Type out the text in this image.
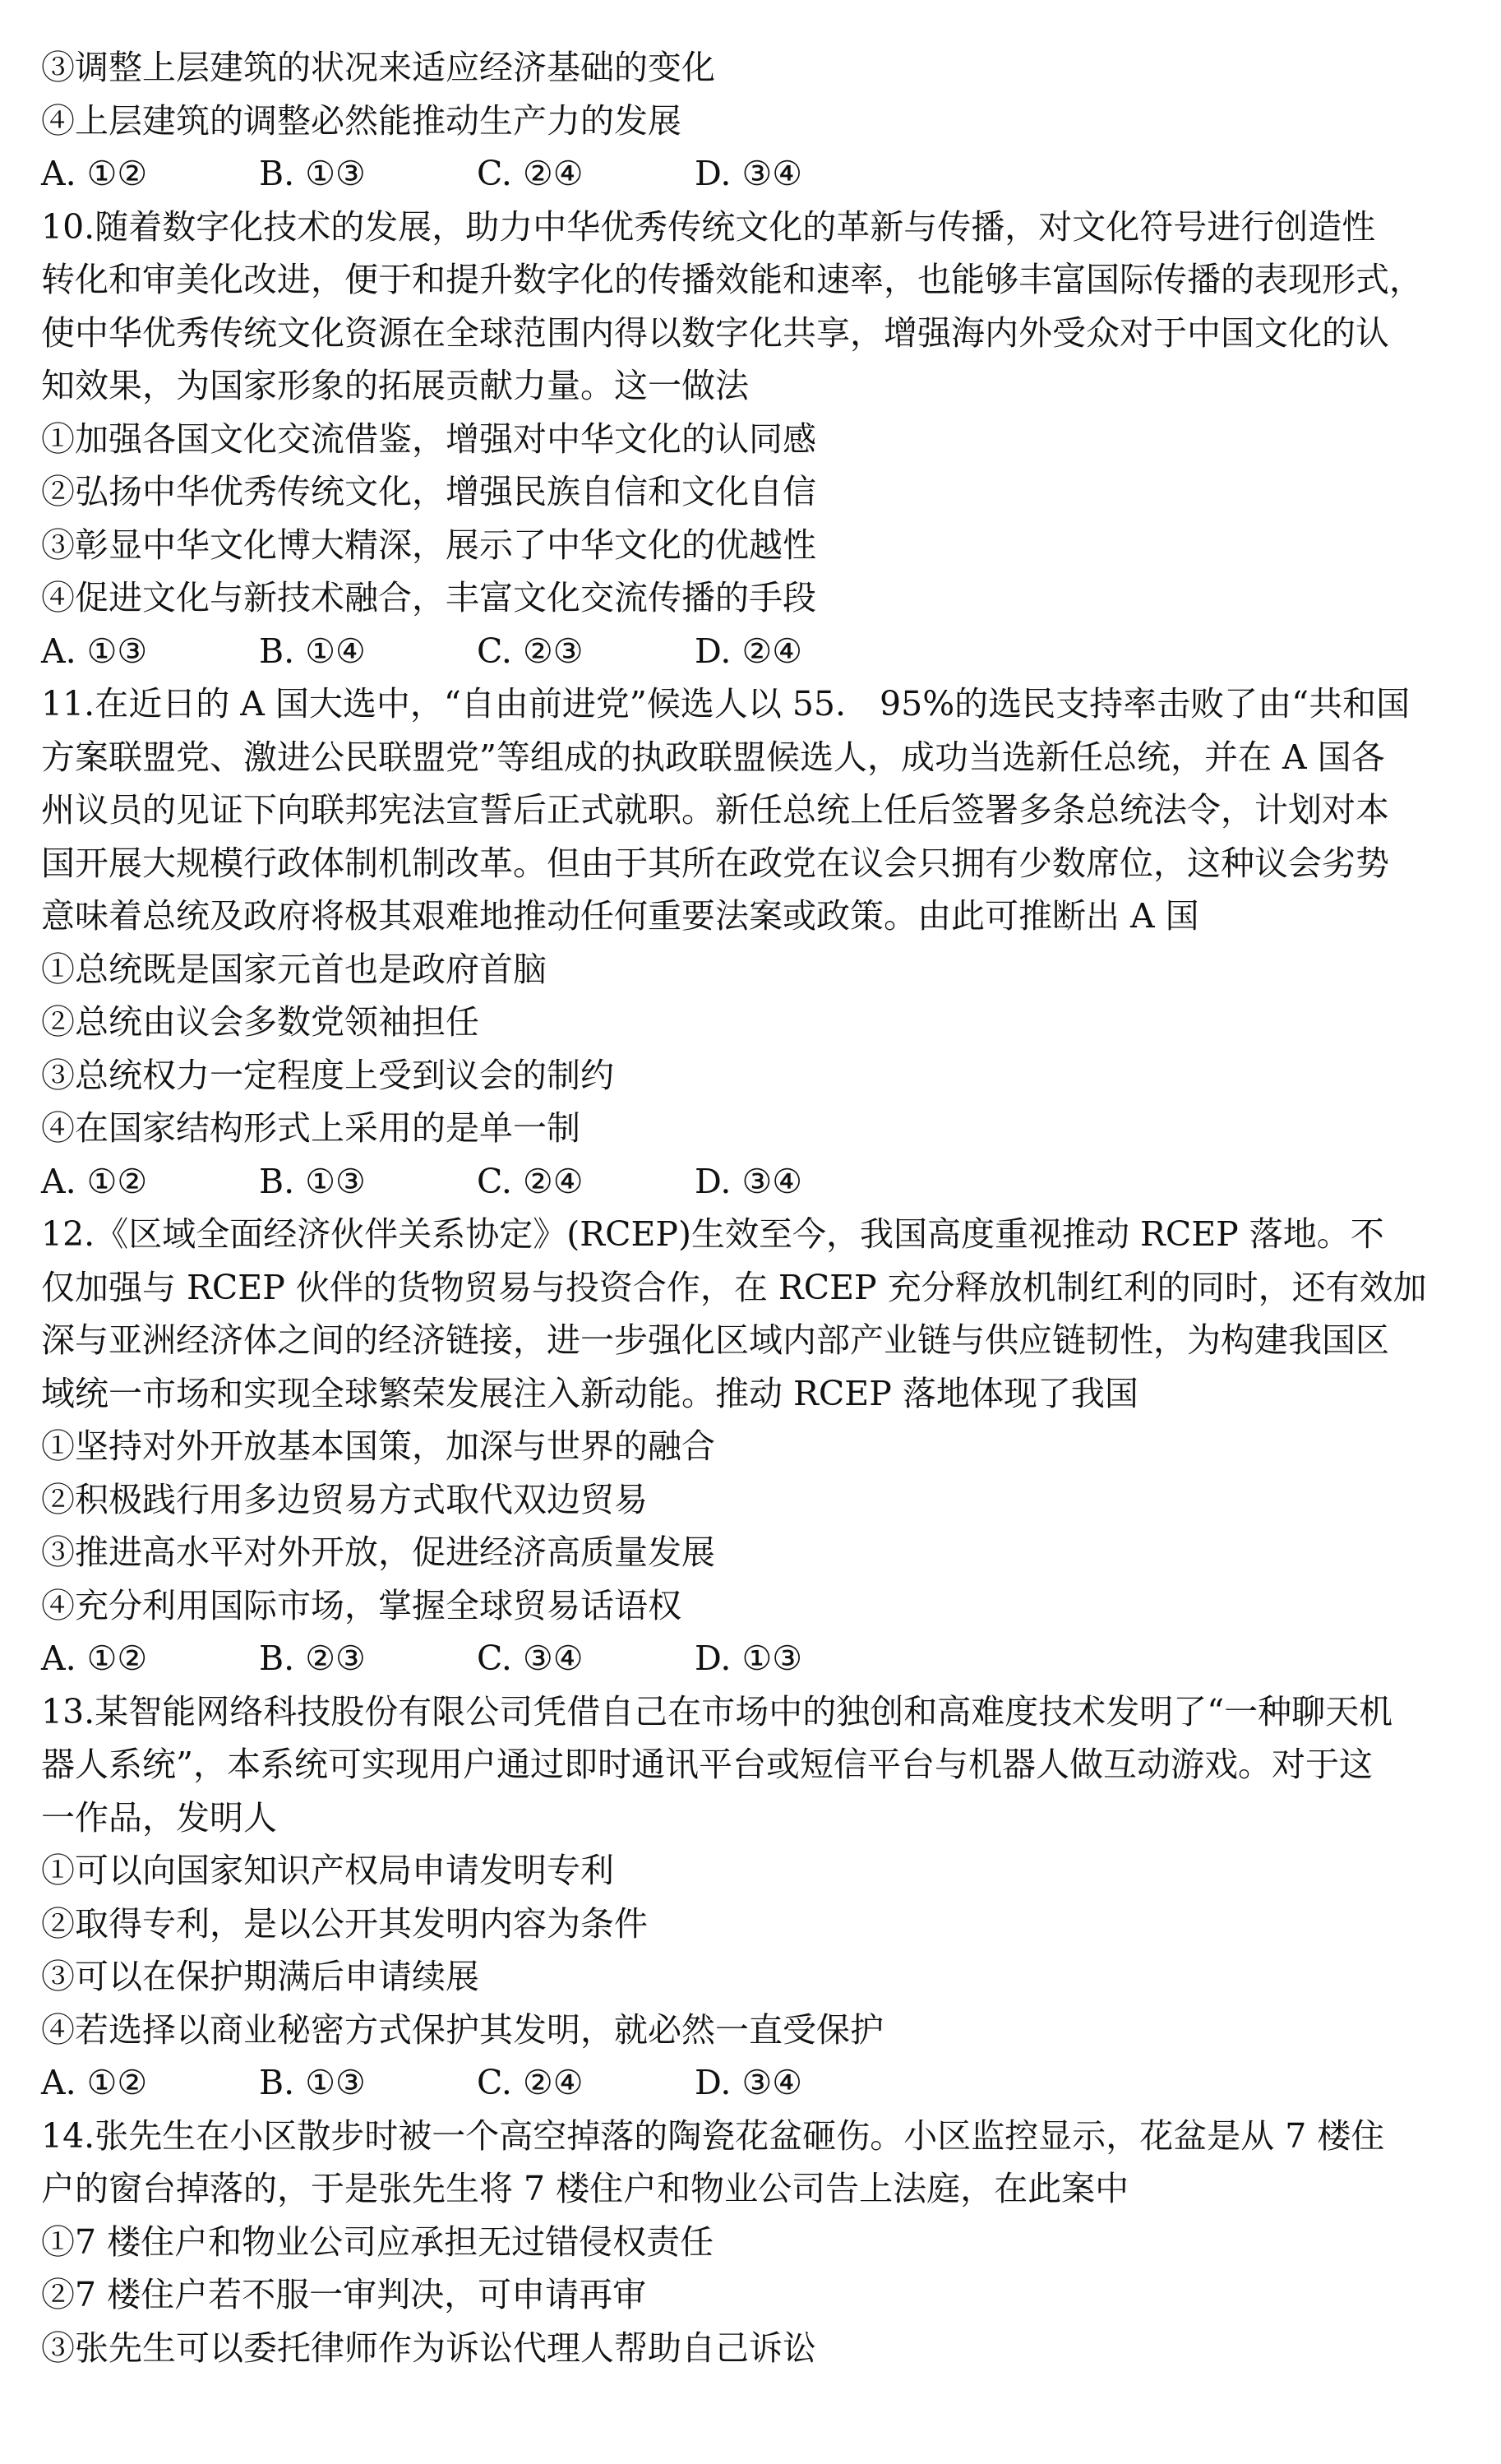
③调整上层建筑的状况来适应经济基础的变化
④上层建筑的调整必然能推动生产力的发展
A. ①②	B. ①③	C. ②④	D. ③④
10.随着数字化技术的发展，助力中华优秀传统文化的革新与传播，对文化符号进行创造性
转化和审美化改进，便于和提升数字化的传播效能和速率，也能够丰富国际传播的表现形式，
使中华优秀传统文化资源在全球范围内得以数字化共享，增强海内外受众对于中国文化的认
知效果，为国家形象的拓展贡献力量。这一做法
①加强各国文化交流借鉴，增强对中华文化的认同感
②弘扬中华优秀传统文化，增强民族自信和文化自信
③彰显中华文化博大精深，展示了中华文化的优越性
④促进文化与新技术融合，丰富文化交流传播的手段
A. ①③	B. ①④	C. ②③	D. ②④
11.在近日的 A 国大选中，“自由前进党”候选人以 55.　95%的选民支持率击败了由“共和国
方案联盟党、激进公民联盟党”等组成的执政联盟候选人，成功当选新任总统，并在 A 国各
州议员的见证下向联邦宪法宣誓后正式就职。新任总统上任后签署多条总统法令，计划对本
国开展大规模行政体制机制改革。但由于其所在政党在议会只拥有少数席位，这种议会劣势
意味着总统及政府将极其艰难地推动任何重要法案或政策。由此可推断出 A 国
①总统既是国家元首也是政府首脑
②总统由议会多数党领袖担任
③总统权力一定程度上受到议会的制约
④在国家结构形式上采用的是单一制
A. ①②	B. ①③	C. ②④	D. ③④
12.《区域全面经济伙伴关系协定》(RCEP)生效至今，我国高度重视推动 RCEP 落地。不
仅加强与 RCEP 伙伴的货物贸易与投资合作，在 RCEP 充分释放机制红利的同时，还有效加
深与亚洲经济体之间的经济链接，进一步强化区域内部产业链与供应链韧性，为构建我国区
域统一市场和实现全球繁荣发展注入新动能。推动 RCEP 落地体现了我国
①坚持对外开放基本国策，加深与世界的融合
②积极践行用多边贸易方式取代双边贸易
③推进高水平对外开放，促进经济高质量发展
④充分利用国际市场，掌握全球贸易话语权
A. ①②	B. ②③	C. ③④	D. ①③
13.某智能网络科技股份有限公司凭借自己在市场中的独创和高难度技术发明了“一种聊天机
器人系统”，本系统可实现用户通过即时通讯平台或短信平台与机器人做互动游戏。对于这
一作品，发明人
①可以向国家知识产权局申请发明专利
②取得专利，是以公开其发明内容为条件
③可以在保护期满后申请续展
④若选择以商业秘密方式保护其发明，就必然一直受保护
A. ①②	B. ①③	C. ②④	D. ③④
14.张先生在小区散步时被一个高空掉落的陶瓷花盆砸伤。小区监控显示，花盆是从 7 楼住
户的窗台掉落的，于是张先生将 7 楼住户和物业公司告上法庭，在此案中
①7 楼住户和物业公司应承担无过错侵权责任
②7 楼住户若不服一审判决，可申请再审
③张先生可以委托律师作为诉讼代理人帮助自己诉讼
